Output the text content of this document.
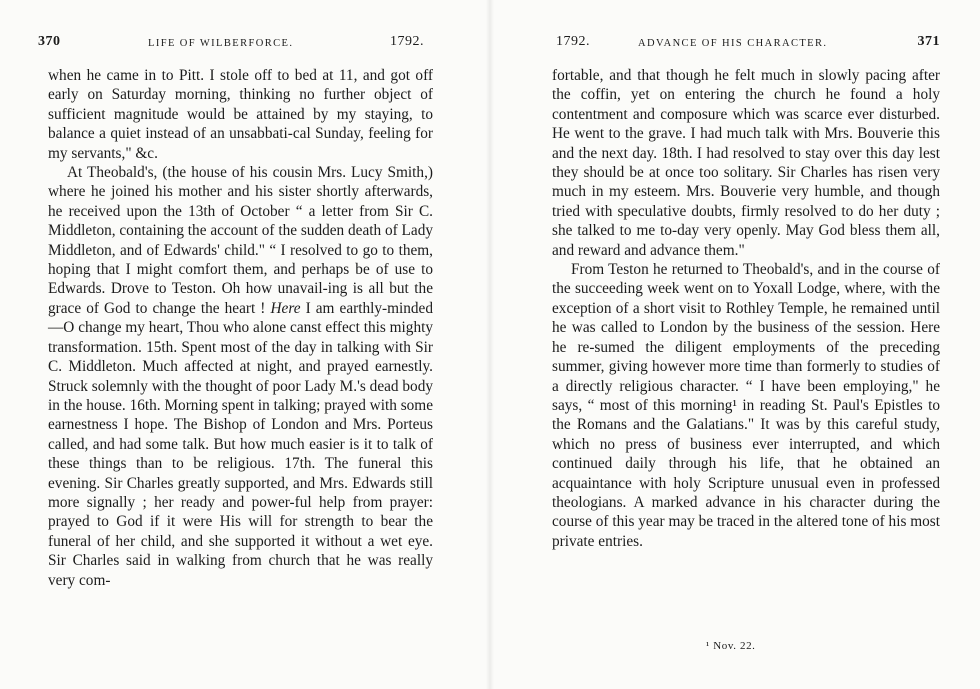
370	LIFE OF WILBERFORCE.	1792.

when he came in to Pitt. I stole off to bed at 11, and got off early on Saturday morning, thinking no further object of sufficient magnitude would be attained by my staying, to balance a quiet instead of an unsabbati-cal Sunday, feeling for my servants," &c.

At Theobald's, (the house of his cousin Mrs. Lucy Smith,) where he joined his mother and his sister shortly afterwards, he received upon the 13th of October “ a letter from Sir C. Middleton, containing the account of the sudden death of Lady Middleton, and of Edwards' child." “ I resolved to go to them, hoping that I might comfort them, and perhaps be of use to Edwards. Drove to Teston. Oh how unavail-ing is all but the grace of God to change the heart ! Here I am earthly-minded—O change my heart, Thou who alone canst effect this mighty transformation. 15th. Spent most of the day in talking with Sir C. Middleton. Much affected at night, and prayed earnestly. Struck solemnly with the thought of poor Lady M.'s dead body in the house. 16th. Morning spent in talking; prayed with some earnestness I hope. The Bishop of London and Mrs. Porteus called, and had some talk. But how much easier is it to talk of these things than to be religious. 17th. The funeral this evening. Sir Charles greatly supported, and Mrs. Edwards still more signally ; her ready and power-ful help from prayer: prayed to God if it were His will for strength to bear the funeral of her child, and she supported it without a wet eye. Sir Charles said in walking from church that he was really very com-

1792.	ADVANCE OF HIS CHARACTER.	371

fortable, and that though he felt much in slowly pacing after the coffin, yet on entering the church he found a holy contentment and composure which was scarce ever disturbed. He went to the grave. I had much talk with Mrs. Bouverie this and the next day. 18th. I had resolved to stay over this day lest they should be at once too solitary. Sir Charles has risen very much in my esteem. Mrs. Bouverie very humble, and though tried with speculative doubts, firmly resolved to do her duty ; she talked to me to-day very openly. May God bless them all, and reward and advance them."

From Teston he returned to Theobald's, and in the course of the succeeding week went on to Yoxall Lodge, where, with the exception of a short visit to Rothley Temple, he remained until he was called to London by the business of the session. Here he re-sumed the diligent employments of the preceding summer, giving however more time than formerly to studies of a directly religious character. “ I have been employing," he says, “ most of this morning¹ in reading St. Paul's Epistles to the Romans and the Galatians." It was by this careful study, which no press of business ever interrupted, and which continued daily through his life, that he obtained an acquaintance with holy Scripture unusual even in professed theologians. A marked advance in his character during the course of this year may be traced in the altered tone of his most private entries.

¹ Nov. 22.
